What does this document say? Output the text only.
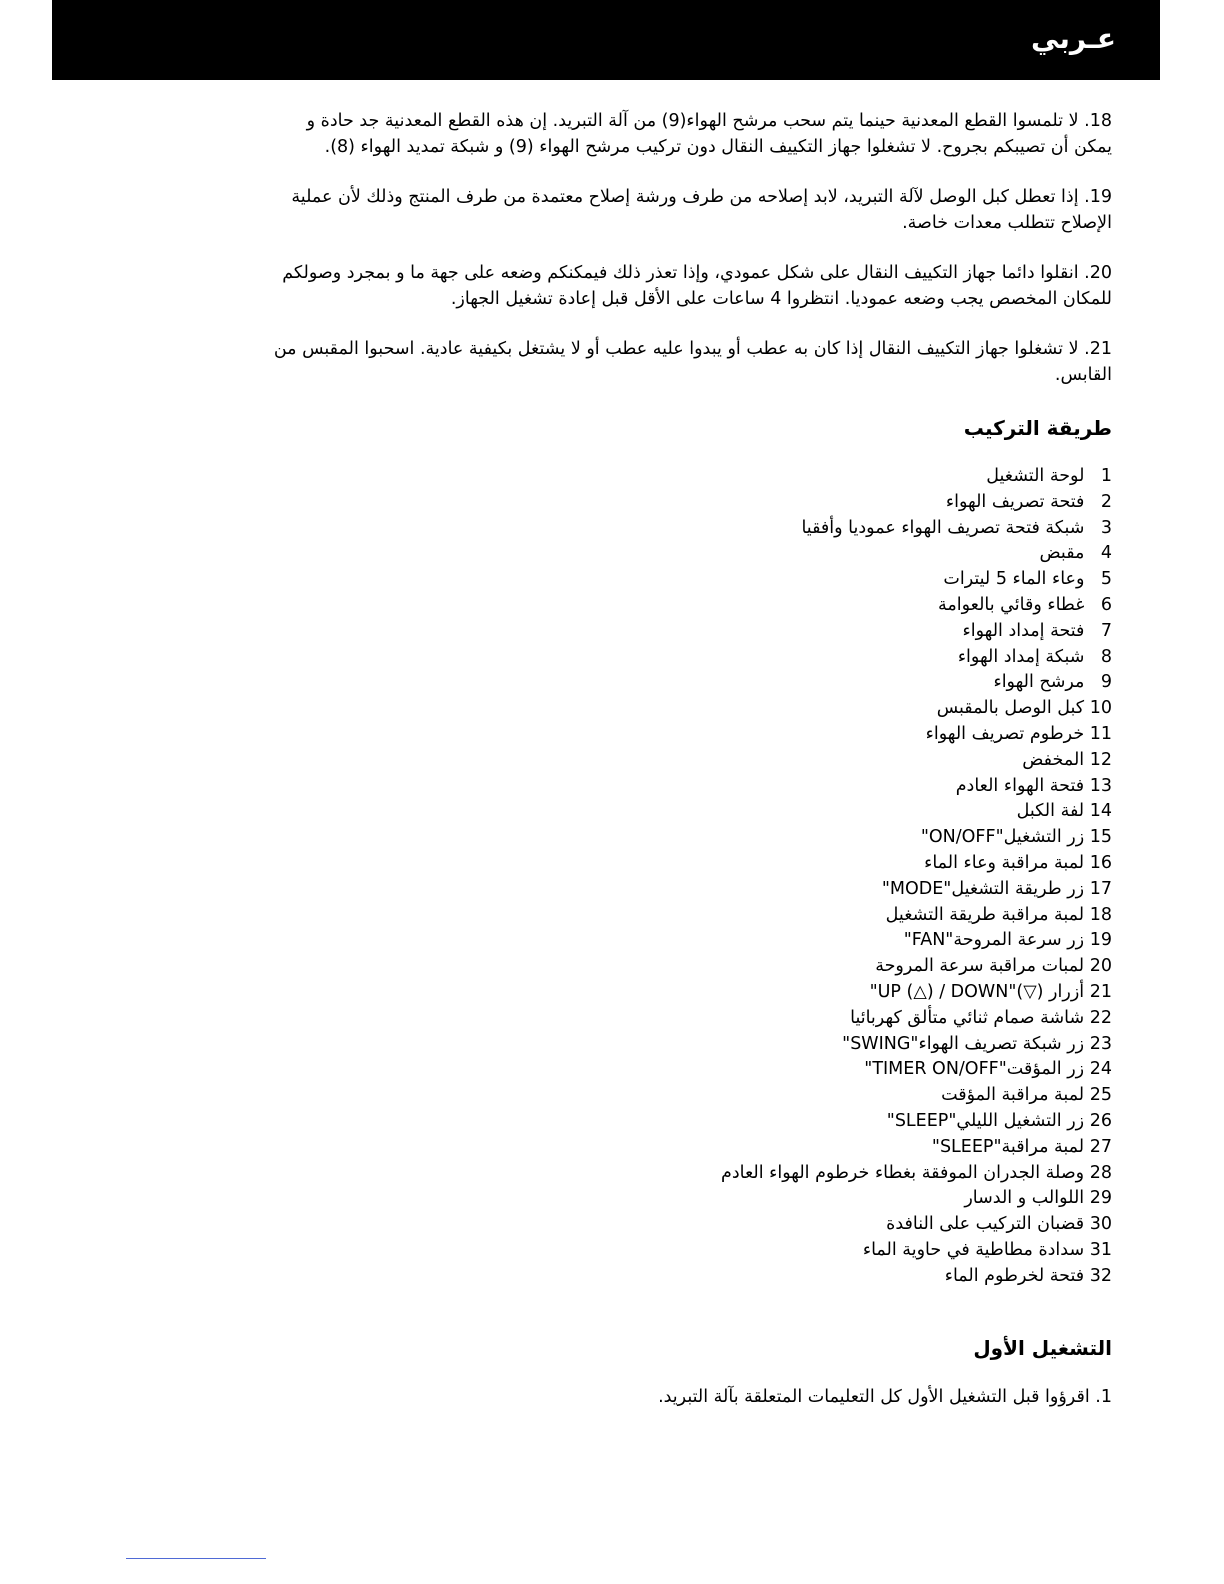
عـربي

18. لا تلمسوا القطع المعدنية حينما يتم سحب مرشح الهواء(9) من آلة التبريد. إن هذه القطع المعدنية جد حادة و يمكن أن تصيبكم بجروح. لا تشغلوا جهاز التكييف النقال دون تركيب مرشح الهواء (9) و شبكة تمديد الهواء (8).

19. إذا تعطل كبل الوصل لآلة التبريد، لابد إصلاحه من طرف ورشة إصلاح معتمدة من طرف المنتج وذلك لأن عملية الإصلاح تتطلب معدات خاصة.

20. انقلوا دائما جهاز التكييف النقال على شكل عمودي، وإذا تعذر ذلك فيمكنكم وضعه على جهة ما و بمجرد وصولكم للمكان المخصص يجب وضعه عموديا. انتظروا 4 ساعات على الأقل قبل إعادة تشغيل الجهاز.

21. لا تشغلوا جهاز التكييف النقال إذا كان به عطب أو يبدوا عليه عطب أو لا يشتغل بكيفية عادية. اسحبوا المقبس من القابس.

طريقة التركيب
1 لوحة التشغيل
2 فتحة تصريف الهواء
3 شبكة فتحة تصريف الهواء عموديا وأفقيا
4 مقبض
5 وعاء الماء 5 ليترات
6 غطاء وقائي بالعوامة
7 فتحة إمداد الهواء
8 شبكة إمداد الهواء
9 مرشح الهواء
10 كبل الوصل بالمقبس
11 خرطوم تصريف الهواء
12 المخفض
13 فتحة الهواء العادم
14 لفة الكبل
15 زر التشغيل"ON/OFF"
16 لمبة مراقبة وعاء الماء
17 زر طريقة التشغيل"MODE"
18 لمبة مراقبة طريقة التشغيل
19 زر سرعة المروحة"FAN"
20 لمبات مراقبة سرعة المروحة
21 أزرار (▽)"UP (△) / DOWN"
22 شاشة صمام ثنائي متألق كهربائيا
23 زر شبكة تصريف الهواء"SWING"
24 زر المؤقت"TIMER ON/OFF"
25 لمبة مراقبة المؤقت
26 زر التشغيل الليلي"SLEEP"
27 لمبة مراقبة"SLEEP"
28 وصلة الجدران الموفقة بغطاء خرطوم الهواء العادم
29 اللوالب و الدسار
30 قضبان التركيب على النافدة
31 سدادة مطاطية في حاوية الماء
32 فتحة لخرطوم الماء
التشغيل الأول

1. اقرؤوا قبل التشغيل الأول كل التعليمات المتعلقة بآلة التبريد.
